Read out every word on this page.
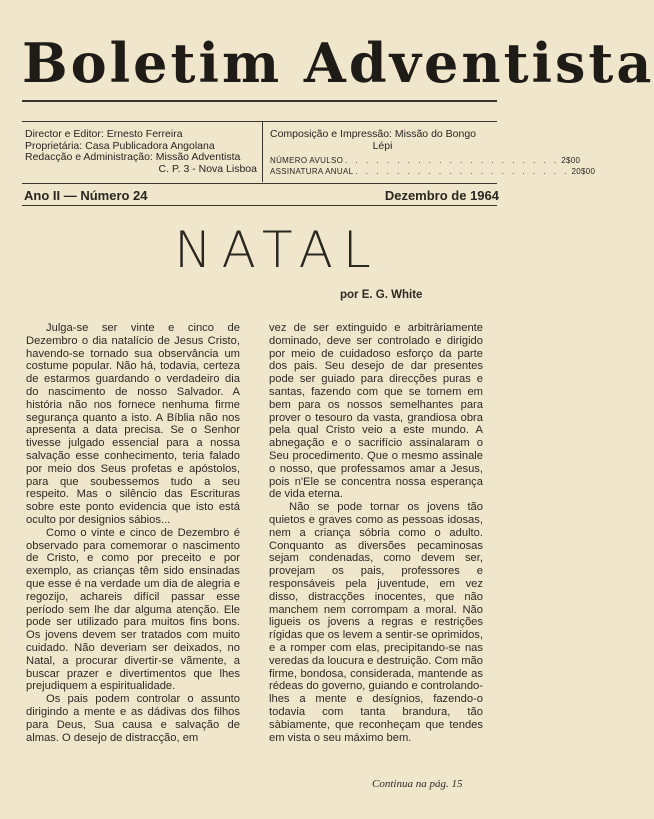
Boletim Adventista
Director e Editor: Ernesto Ferreira
Proprietária: Casa Publicadora Angolana
Redacção e Administração: Missão Adventista
C. P. 3 - Nova Lisboa
Composição e Impressão: Missão do Bongo
Lépi
NÚMERO AVULSO . . . . . . . . . . . . . . . . . . . . . 2$00
ASSINATURA ANUAL . . . . . . . . . . . . . . . . . . . . . 20$00
Ano II — Número 24	Dezembro de 1964
NATAL
por E. G. White

Julga-se ser vinte e cinco de Dezembro o dia natalício de Jesus Cristo, havendo-se tornado sua observância um costume popular. Não há, todavia, certeza de estarmos guardando o verdadeiro dia do nascimento de nosso Salvador. A história não nos fornece nenhuma firme segurança quanto a isto. A Bíblia não nos apresenta a data precisa. Se o Senhor tivesse julgado essencial para a nossa salvação esse conhecimento, teria falado por meio dos Seus profetas e apóstolos, para que soubessemos tudo a seu respeito. Mas o silêncio das Escrituras sobre este ponto evidencia que isto está oculto por designios sábios...

Como o vinte e cinco de Dezembro é observado para comemorar o nascimento de Cristo, e como por preceito e por exemplo, as crianças têm sido ensinadas que esse é na verdade um dia de alegria e regozijo, achareis difícil passar esse período sem lhe dar alguma atenção. Ele pode ser utilizado para muitos fins bons. Os jovens devem ser tratados com muito cuidado. Não deveriam ser deixados, no Natal, a procurar divertir-se vãmente, a buscar prazer e divertimentos que lhes prejudiquem a espiritualidade.

Os pais podem controlar o assunto dirigindo a mente e as dádivas dos filhos para Deus, Sua causa e salvação de almas. O desejo de distracção, em

vez de ser extinguido e arbitràriamente dominado, deve ser controlado e dirigido por meio de cuidadoso esforço da parte dos pais. Seu desejo de dar presentes pode ser guiado para direcções puras e santas, fazendo com que se tornem em bem para os nossos semelhantes para prover o tesouro da vasta, grandiosa obra pela qual Cristo veio a este mundo. A abnegação e o sacrifício assinalaram o Seu procedimento. Que o mesmo assinale o nosso, que professamos amar a Jesus, pois n'Ele se concentra nossa esperança de vida eterna.

Não se pode tornar os jovens tão quietos e graves como as pessoas idosas, nem a criança sóbria como o adulto. Conquanto as diversões pecaminosas sejam condenadas, como devem ser, provejam os pais, professores e responsáveis pela juventude, em vez disso, distracções inocentes, que não manchem nem corrompam a moral. Não ligueis os jovens a regras e restrições rígidas que os levem a sentir-se oprimidos, e a romper com elas, precipitando-se nas veredas da loucura e destruição. Com mão firme, bondosa, considerada, mantende as rédeas do governo, guiando e controlando-lhes a mente e desígnios, fazendo-o todavia com tanta brandura, tão sàbiamente, que reconheçam que tendes em vista o seu máximo bem.

Continua na pág. 15
